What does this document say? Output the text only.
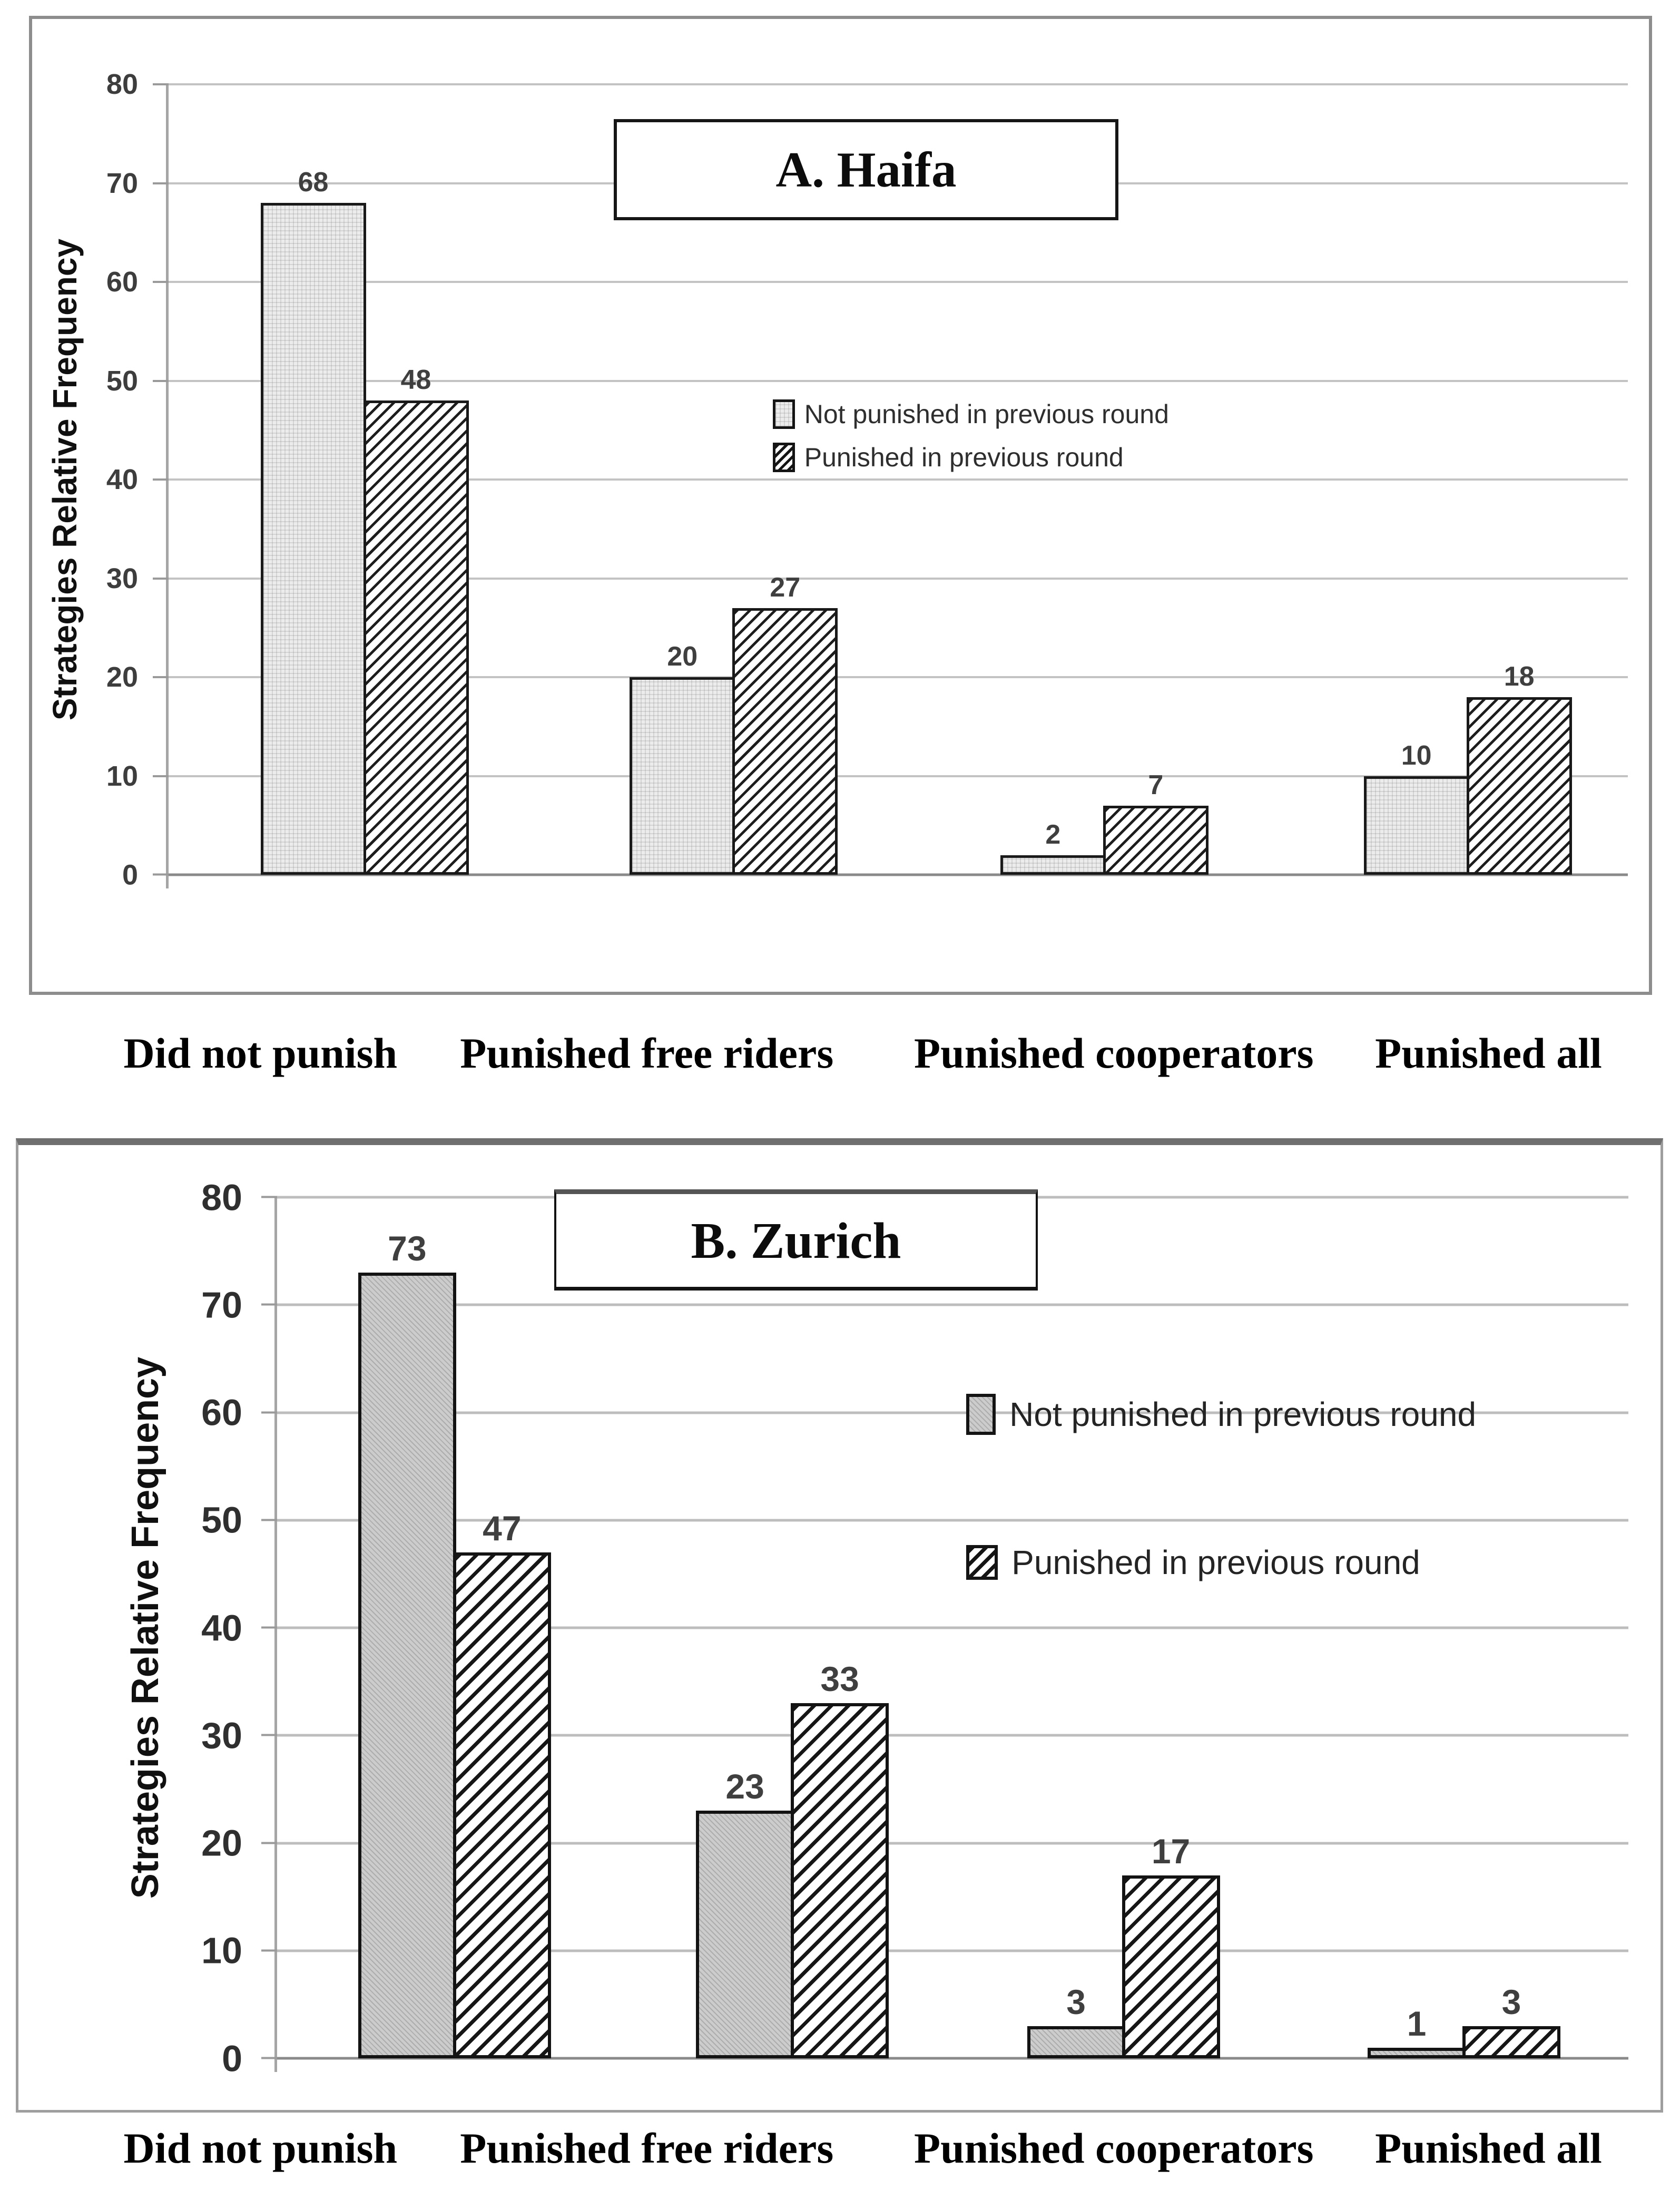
Strategies Relative Frequency
80
70
60
50
40
30
20
10
0
A. Haifa
Not punished in previous round
Punished in previous round
68
48
20
27
2
7
10
18
Did not punish Punished free riders Punished cooperators Punished all
Strategies Relative Frequency
80
70
60
50
40
30
20
10
0
B. Zurich
Not punished in previous round
Punished in previous round
73
47
23
33
3
17
1
3
Did not punish Punished free riders Punished cooperators Punished all
